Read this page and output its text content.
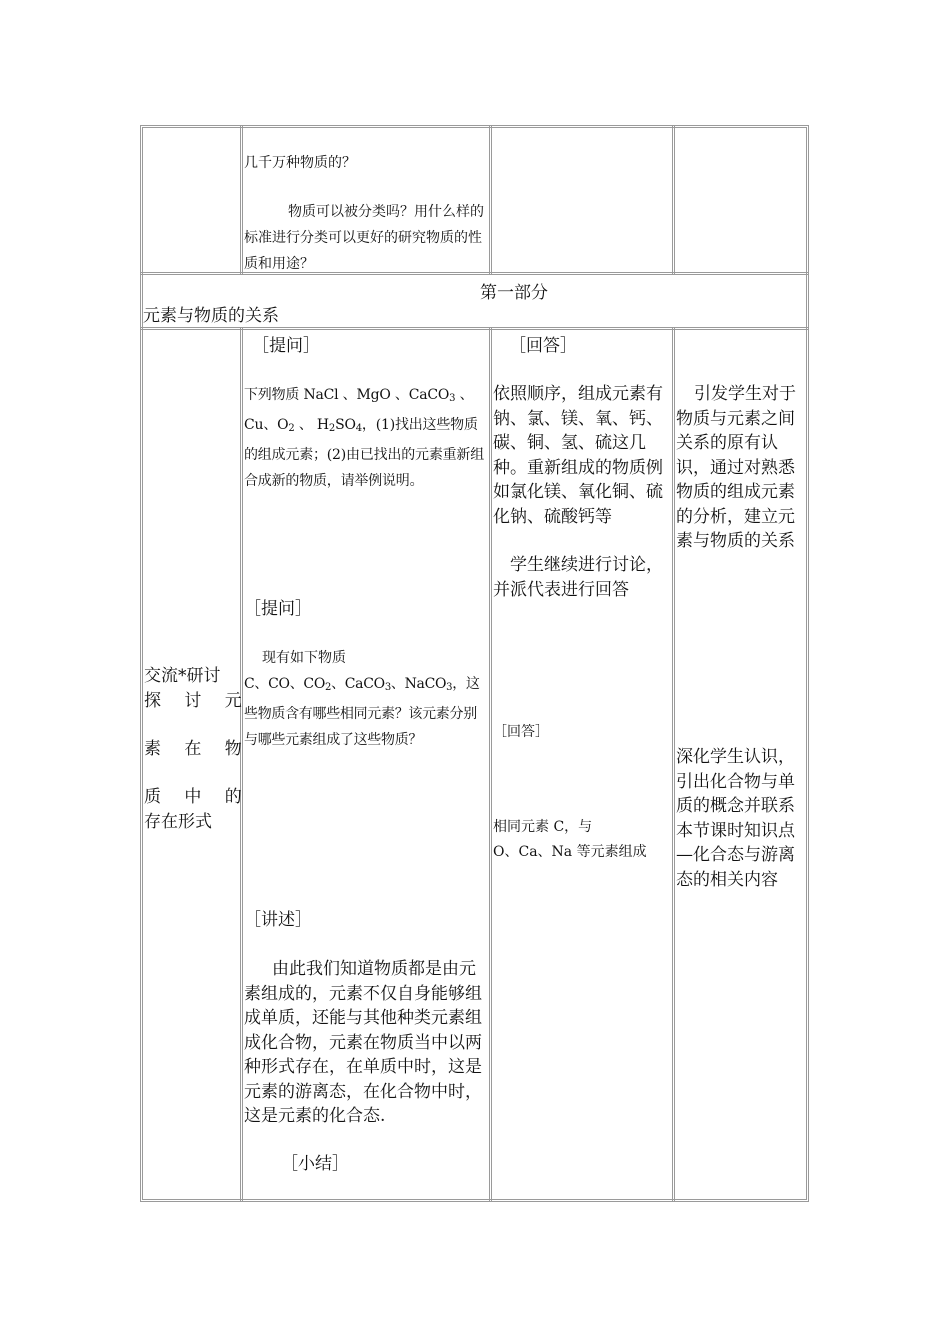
几千万种物质的？

物质可以被分类吗？用什么样的标准进行分类可以更好的研究物质的性质和用途？

第一部分

元素与物质的关系

交流*研讨

探 讨 元

素 在 物

质 中 的

存在形式

［提问］

下列物质 NaCl 、MgO 、CaCO$_3$ 、Cu、$O_2$ 、 $H_2SO_4$，(1)找出这些物质的组成元素；(2)由已找出的元素重新组合成新的物质，请举例说明。

［提问］

现有如下物质

C、CO、$CO_2$、CaCO$_3$、NaCO$_3$，这些物质含有哪些相同元素？该元素分别与哪些元素组成了这些物质？

［讲述］

由此我们知道物质都是由元素组成的，元素不仅自身能够组成单质，还能与其他种类元素组成化合物，元素在物质当中以两种形式存在，在单质中时，这是元素的游离态，在化合物中时，这是元素的化合态.

［小结］

［回答］

依照顺序，组成元素有钠、氯、镁、氧、钙、碳、铜、氢、硫这几种。重新组成的物质例如氯化镁、氧化铜、硫化钠、硫酸钙等

学生继续进行讨论，并派代表进行回答

［回答］

相同元素 C，与

O、Ca、Na 等元素组成

引发学生对于物质与元素之间关系的原有认识，通过对熟悉物质的组成元素的分析，建立元素与物质的关系

深化学生认识，引出化合物与单质的概念并联系本节课时知识点—化合态与游离态的相关内容
